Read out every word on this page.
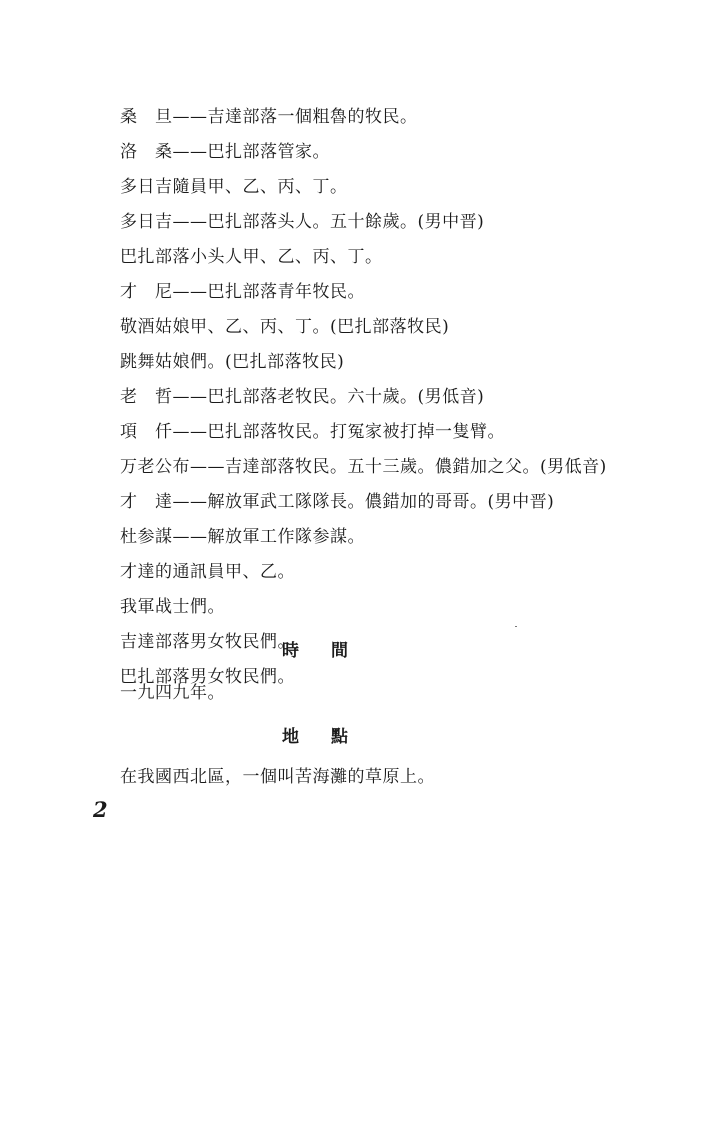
桑　旦——吉達部落一個粗魯的牧民。
洛　桑——巴扎部落管家。
多日吉隨員甲、乙、丙、丁。
多日吉——巴扎部落头人。五十餘歲。(男中晋)
巴扎部落小头人甲、乙、丙、丁。
才　尼——巴扎部落青年牧民。
敬酒姑娘甲、乙、丙、丁。(巴扎部落牧民)
跳舞姑娘們。(巴扎部落牧民)
老　哲——巴扎部落老牧民。六十歲。(男低音)
項　仟——巴扎部落牧民。打冤家被打掉一隻臂。
万老公布——吉達部落牧民。五十三歲。儂錯加之父。(男低音)
才　達——解放軍武工隊隊長。儂錯加的哥哥。(男中晋)
杜参謀——解放軍工作隊参謀。
才達的通訊員甲、乙。
我軍战士們。
吉達部落男女牧民們。
巴扎部落男女牧民們。
時間
一九四九年。
地點
在我國西北區，一個叫苦海灘的草原上。
2
